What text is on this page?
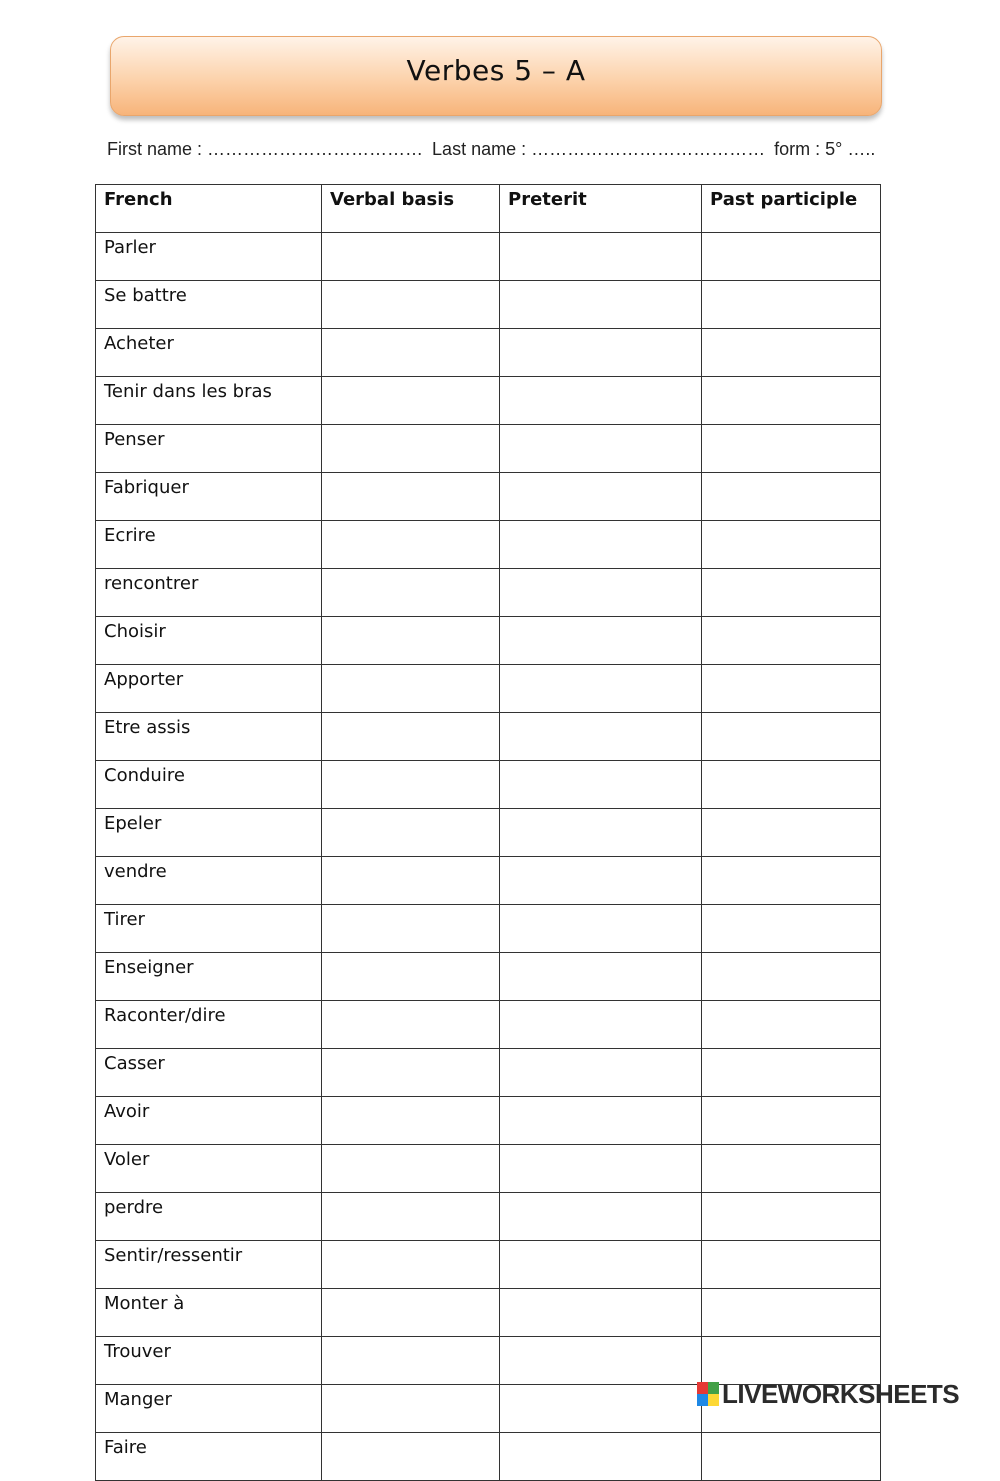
Verbes 5 – A
First name : ……………………………… Last name : ………………………………… form : 5° …..
French	Verbal basis	Preterit	Past participle
Parler			
Se battre			
Acheter			
Tenir dans les bras			
Penser			
Fabriquer			
Ecrire			
rencontrer			
Choisir			
Apporter			
Etre assis			
Conduire			
Epeler			
vendre			
Tirer			
Enseigner			
Raconter/dire			
Casser			
Avoir			
Voler			
perdre			
Sentir/ressentir			
Monter à			
Trouver			
Manger			
Faire			
LIVEWORKSHEETS
